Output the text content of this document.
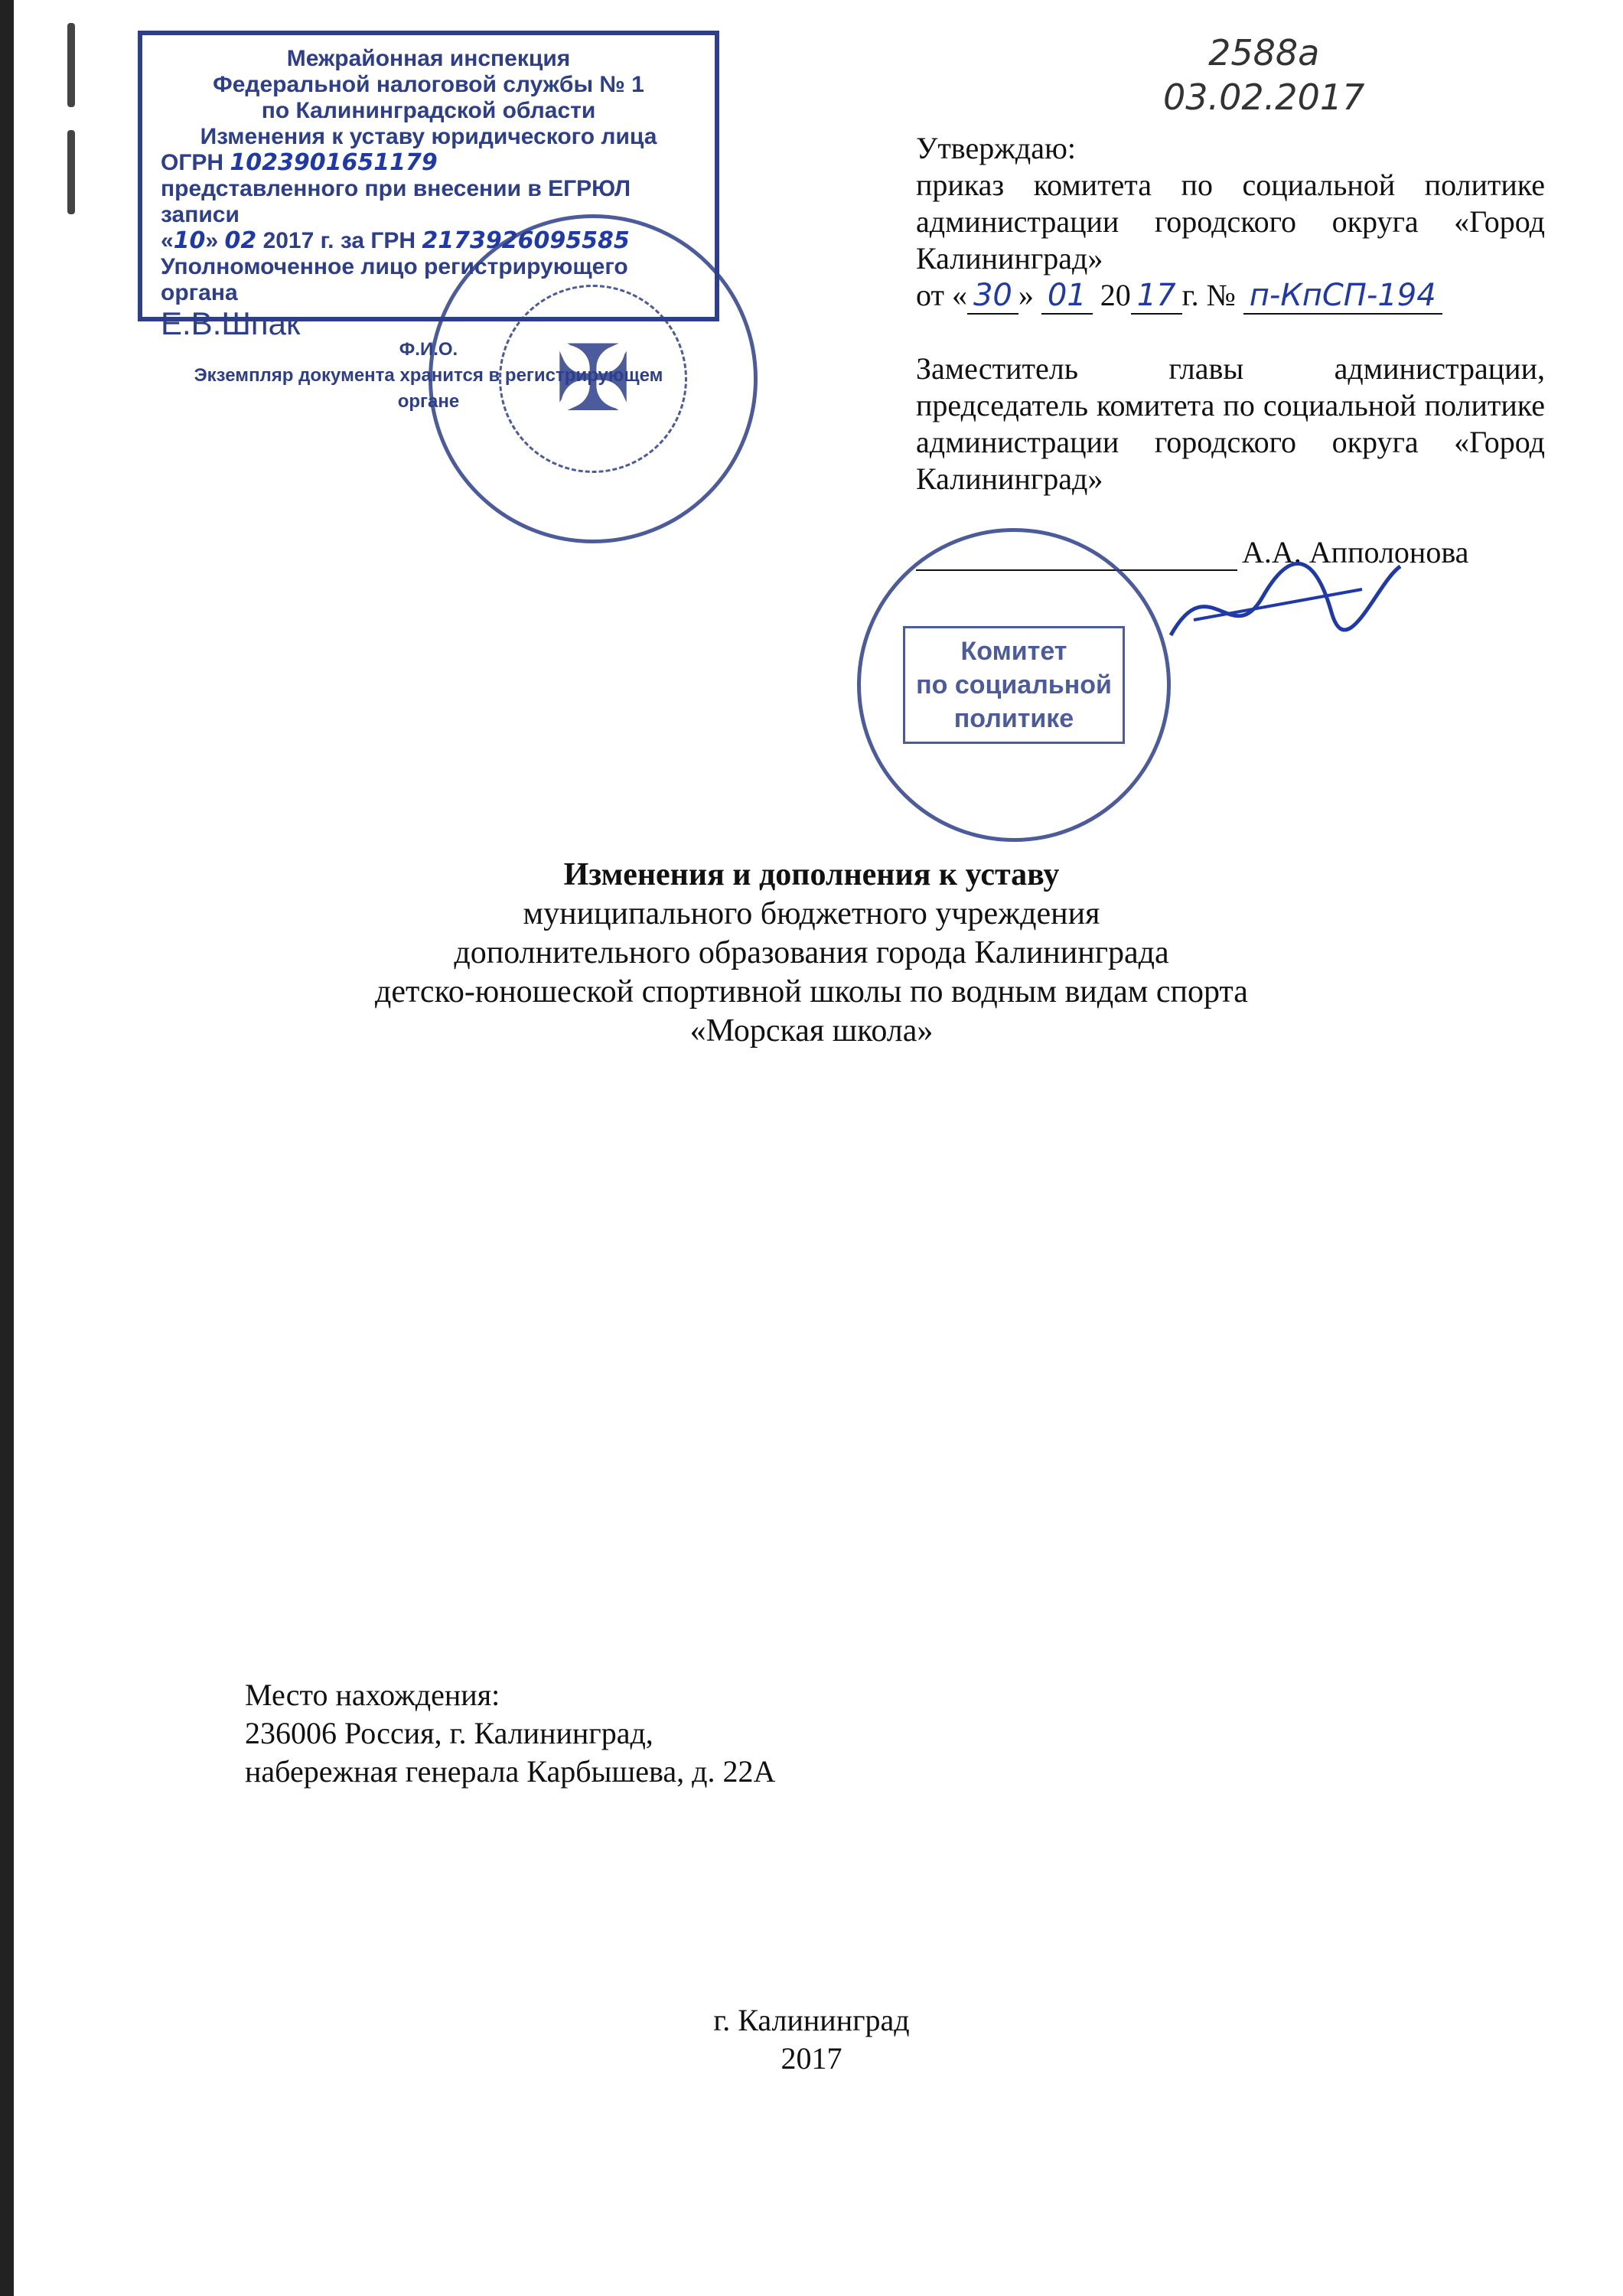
2588а
03.02.2017
Межрайонная инспекция
Федеральной налоговой службы № 1
по Калининградской области
Изменения к уставу юридического лица
ОГРН 1023901651179
представленного при внесении в ЕГРЮЛ записи
«10» 02 2017 г. за ГРН 2173926095585
Уполномоченное лицо регистрирующего органа
Е.В.Шпак
Ф.И.О.
Экземпляр документа хранится в регистрирующем органе	✠

Утверждаю:

приказ комитета по социальной политике администрации городского округа «Город Калининград»

от « 30 » 01 20 17 г. № п-КпСП-194

Заместитель главы администрации, председатель комитета по социальной политике администрации городского округа «Город Калининград»

А.А. Апполонова

Комитет
по социальной
политике
Изменения и дополнения к уставу
муниципального бюджетного учреждения
дополнительного образования города Калининграда
детско-юношеской спортивной школы по водным видам спорта
«Морская школа»
Место нахождения:
236006 Россия, г. Калининград,
набережная генерала Карбышева, д. 22А
г. Калининград
2017
